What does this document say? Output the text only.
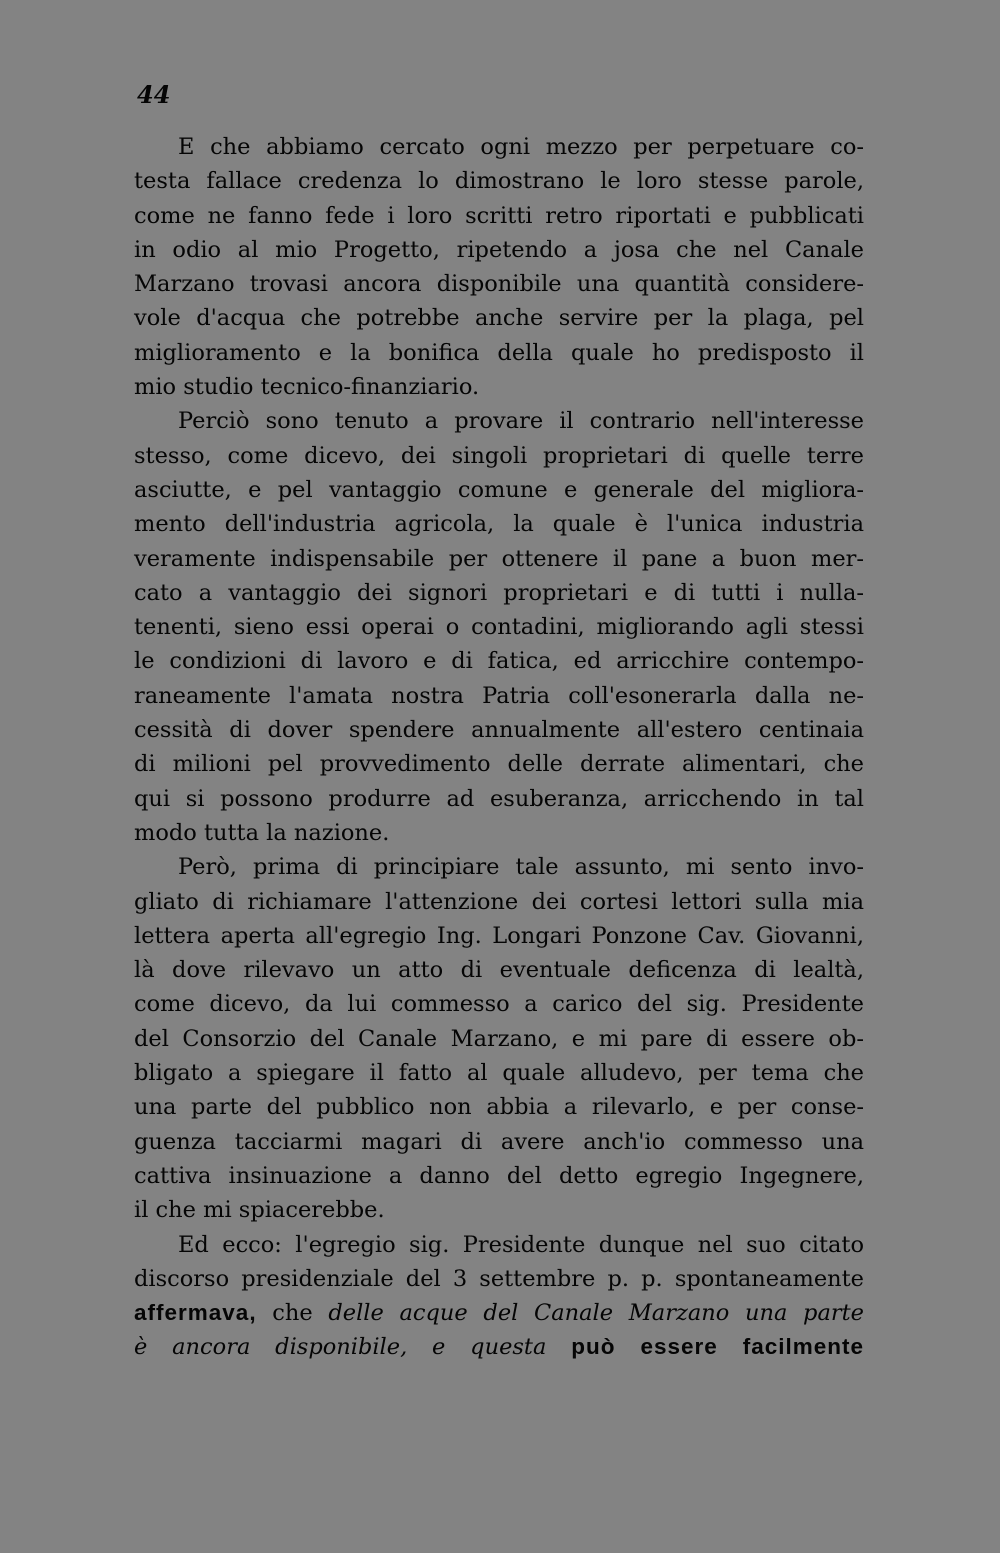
44
E che abbiamo cercato ogni mezzo per perpetuare co-
testa fallace credenza lo dimostrano le loro stesse parole,
come ne fanno fede i loro scritti retro riportati e pubblicati
in odio al mio Progetto, ripetendo a josa che nel Canale
Marzano trovasi ancora disponibile una quantità considere-
vole d'acqua che potrebbe anche servire per la plaga, pel
miglioramento e la bonifica della quale ho predisposto il
mio studio tecnico-finanziario.
Perciò sono tenuto a provare il contrario nell'interesse
stesso, come dicevo, dei singoli proprietari di quelle terre
asciutte, e pel vantaggio comune e generale del migliora-
mento dell'industria agricola, la quale è l'unica industria
veramente indispensabile per ottenere il pane a buon mer-
cato a vantaggio dei signori proprietari e di tutti i nulla-
tenenti, sieno essi operai o contadini, migliorando agli stessi
le condizioni di lavoro e di fatica, ed arricchire contempo-
raneamente l'amata nostra Patria coll'esonerarla dalla ne-
cessità di dover spendere annualmente all'estero centinaia
di milioni pel provvedimento delle derrate alimentari, che
qui si possono produrre ad esuberanza, arricchendo in tal
modo tutta la nazione.
Però, prima di principiare tale assunto, mi sento invo-
gliato di richiamare l'attenzione dei cortesi lettori sulla mia
lettera aperta all'egregio Ing. Longari Ponzone Cav. Giovanni,
là dove rilevavo un atto di eventuale deficenza di lealtà,
come dicevo, da lui commesso a carico del sig. Presidente
del Consorzio del Canale Marzano, e mi pare di essere ob-
bligato a spiegare il fatto al quale alludevo, per tema che
una parte del pubblico non abbia a rilevarlo, e per conse-
guenza tacciarmi magari di avere anch'io commesso una
cattiva insinuazione a danno del detto egregio Ingegnere,
il che mi spiacerebbe.
Ed ecco: l'egregio sig. Presidente dunque nel suo citato
discorso presidenziale del 3 settembre p. p. spontaneamente
affermava, che delle acque del Canale Marzano una parte
è ancora disponibile, e questa può essere facilmente
